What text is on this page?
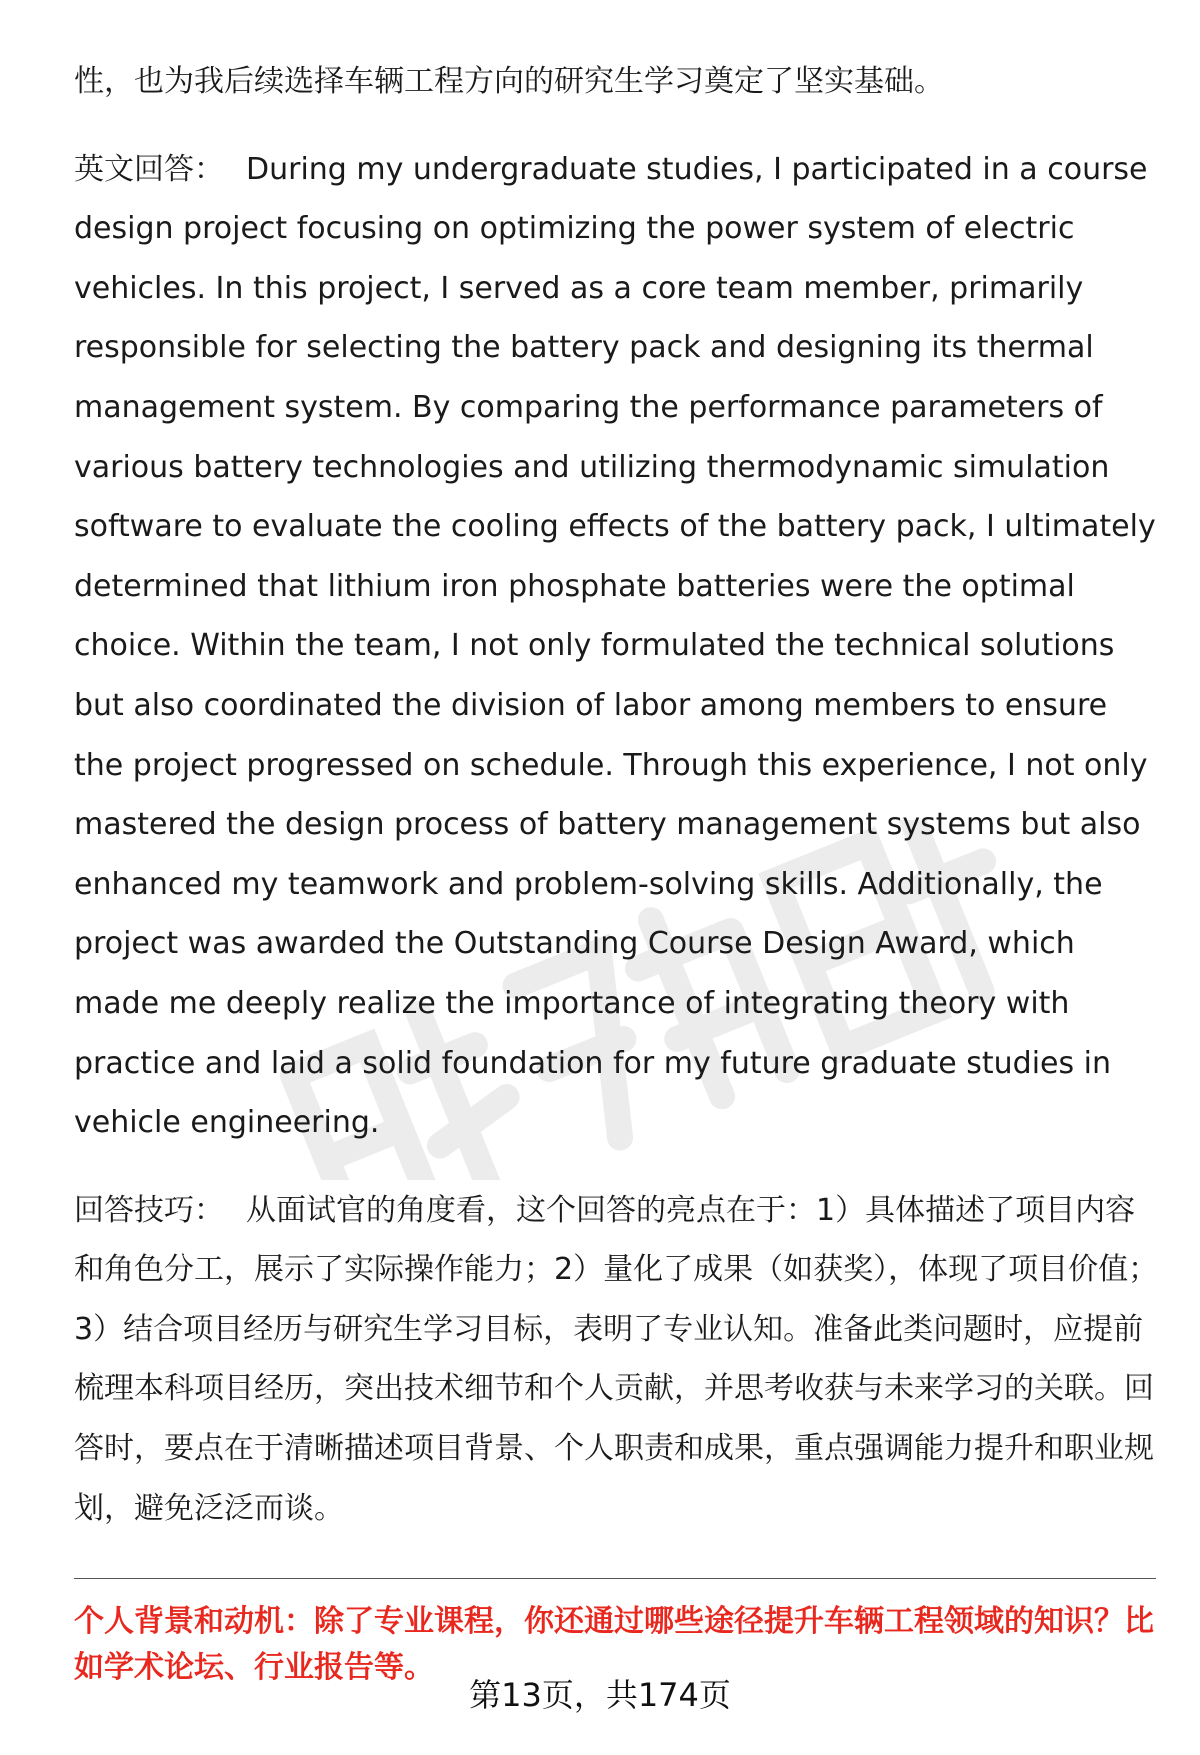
性，也为我后续选择车辆工程方向的研究生学习奠定了坚实基础。

英文回答： During my undergraduate studies, I participated in a course design project focusing on optimizing the power system of electric vehicles. In this project, I served as a core team member, primarily responsible for selecting the battery pack and designing its thermal management system. By comparing the performance parameters of various battery technologies and utilizing thermodynamic simulation software to evaluate the cooling effects of the battery pack, I ultimately determined that lithium iron phosphate batteries were the optimal choice. Within the team, I not only formulated the technical solutions but also coordinated the division of labor among members to ensure the project progressed on schedule. Through this experience, I not only mastered the design process of battery management systems but also enhanced my teamwork and problem-solving skills. Additionally, the project was awarded the Outstanding Course Design Award, which made me deeply realize the importance of integrating theory with practice and laid a solid foundation for my future graduate studies in vehicle engineering.

回答技巧： 从面试官的角度看，这个回答的亮点在于：1）具体描述了项目内容和角色分工，展示了实际操作能力；2）量化了成果（如获奖），体现了项目价值；3）结合项目经历与研究生学习目标，表明了专业认知。准备此类问题时，应提前梳理本科项目经历，突出技术细节和个人贡献，并思考收获与未来学习的关联。回答时，要点在于清晰描述项目背景、个人职责和成果，重点强调能力提升和职业规划，避免泛泛而谈。

个人背景和动机：除了专业课程，你还通过哪些途径提升车辆工程领域的知识？比如学术论坛、行业报告等。

第13页，共174页
